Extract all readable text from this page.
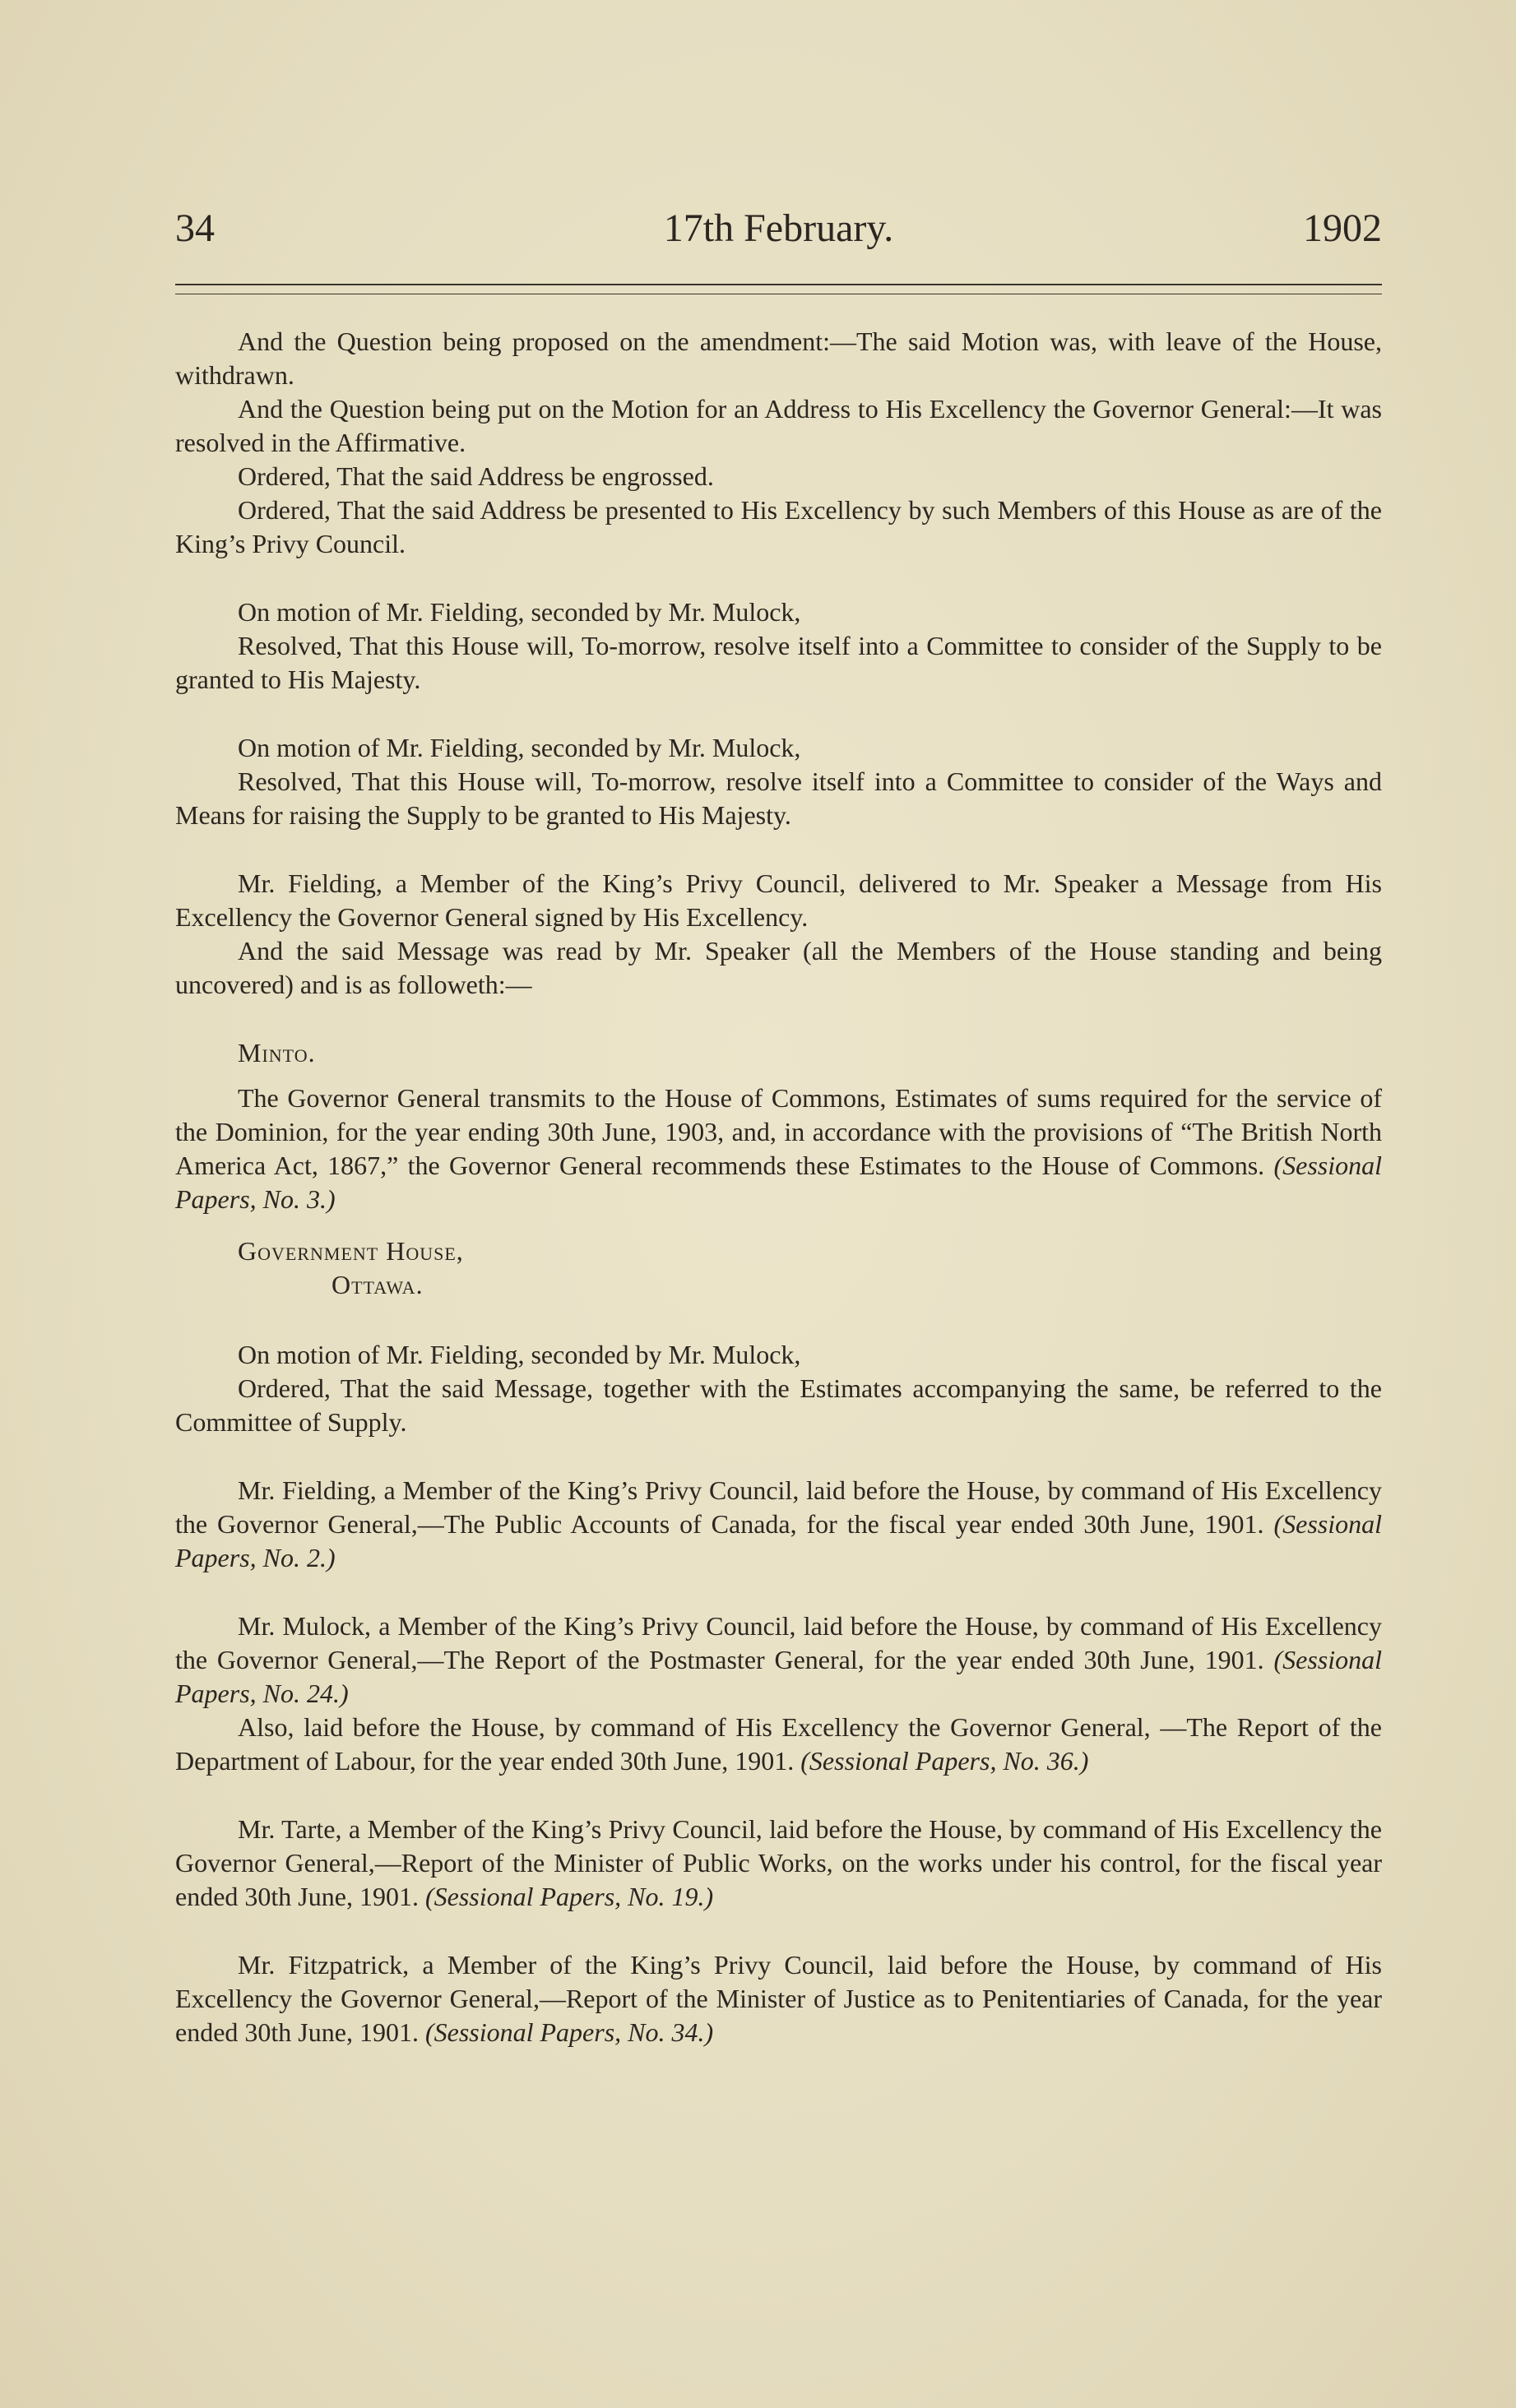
34	17th February.	1902

And the Question being proposed on the amendment:—The said Motion was, with leave of the House, withdrawn.

And the Question being put on the Motion for an Address to His Excellency the Governor General:—It was resolved in the Affirmative.

Ordered, That the said Address be engrossed.

Ordered, That the said Address be presented to His Excellency by such Members of this House as are of the King’s Privy Council.

On motion of Mr. Fielding, seconded by Mr. Mulock,

Resolved, That this House will, To-morrow, resolve itself into a Committee to consider of the Supply to be granted to His Majesty.

On motion of Mr. Fielding, seconded by Mr. Mulock,

Resolved, That this House will, To-morrow, resolve itself into a Committee to consider of the Ways and Means for raising the Supply to be granted to His Majesty.

Mr. Fielding, a Member of the King’s Privy Council, delivered to Mr. Speaker a Message from His Excellency the Governor General signed by His Excellency.

And the said Message was read by Mr. Speaker (all the Members of the House standing and being uncovered) and is as followeth:—

Minto.

The Governor General transmits to the House of Commons, Estimates of sums required for the service of the Dominion, for the year ending 30th June, 1903, and, in accordance with the provisions of “The British North America Act, 1867,” the Governor General recommends these Estimates to the House of Commons. (Sessional Papers, No. 3.)

Government House,

Ottawa.

On motion of Mr. Fielding, seconded by Mr. Mulock,

Ordered, That the said Message, together with the Estimates accompanying the same, be referred to the Committee of Supply.

Mr. Fielding, a Member of the King’s Privy Council, laid before the House, by command of His Excellency the Governor General,—The Public Accounts of Canada, for the fiscal year ended 30th June, 1901. (Sessional Papers, No. 2.)

Mr. Mulock, a Member of the King’s Privy Council, laid before the House, by command of His Excellency the Governor General,—The Report of the Postmaster General, for the year ended 30th June, 1901. (Sessional Papers, No. 24.)

Also, laid before the House, by command of His Excellency the Governor General, —The Report of the Department of Labour, for the year ended 30th June, 1901. (Sessional Papers, No. 36.)

Mr. Tarte, a Member of the King’s Privy Council, laid before the House, by command of His Excellency the Governor General,—Report of the Minister of Public Works, on the works under his control, for the fiscal year ended 30th June, 1901. (Sessional Papers, No. 19.)

Mr. Fitzpatrick, a Member of the King’s Privy Council, laid before the House, by command of His Excellency the Governor General,—Report of the Minister of Justice as to Penitentiaries of Canada, for the year ended 30th June, 1901. (Sessional Papers, No. 34.)
